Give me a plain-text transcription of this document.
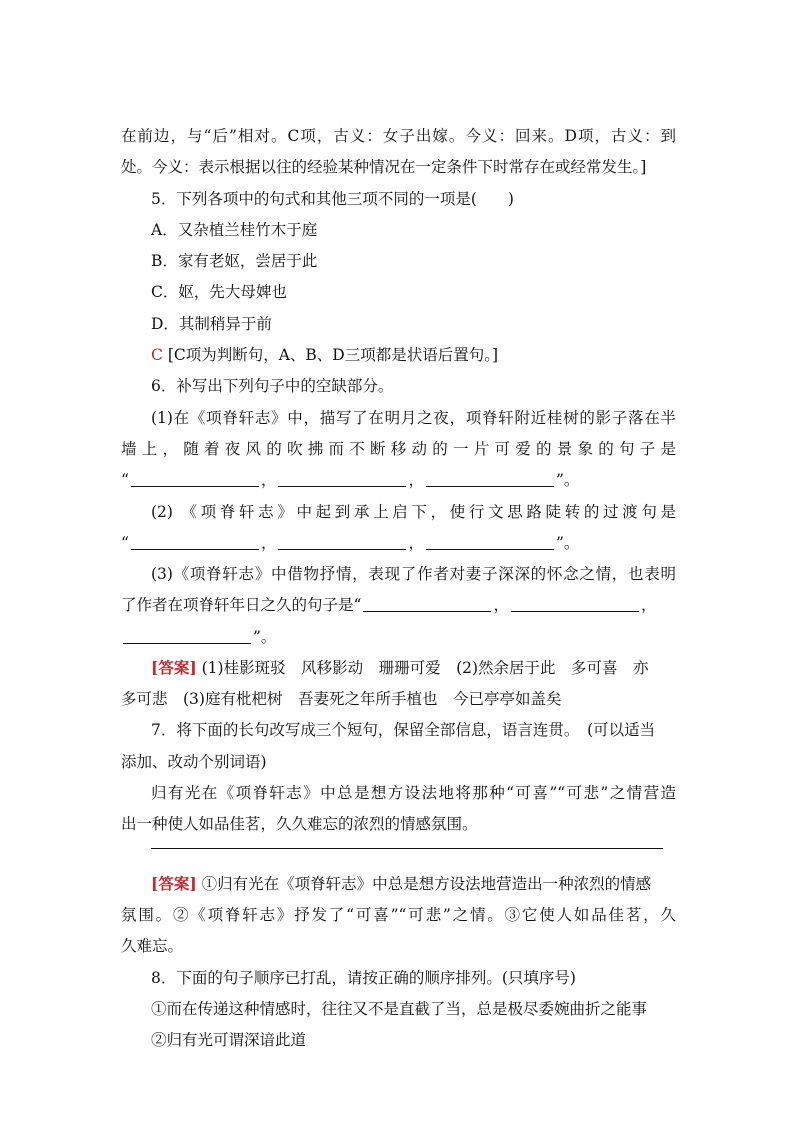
在前边，与“后”相对。C项，古义：女子出嫁。今义：回来。D项，古义：到
处。今义：表示根据以往的经验某种情况在一定条件下时常存在或经常发生。]
5．下列各项中的句式和其他三项不同的一项是(　　)
A．又杂植兰桂竹木于庭
B．家有老妪，尝居于此
C．妪，先大母婢也
D．其制稍异于前
C [C项为判断句，A、B、D三项都是状语后置句。]
6．补写出下列句子中的空缺部分。
(1)在《项脊轩志》中，描写了在明月之夜，项脊轩附近桂树的影子落在半
墙上，随着夜风的吹拂而不断移动的一片可爱的景象的句子是
“	，	，	”。
(2) 《项脊轩志》中起到承上启下，使行文思路陡转的过渡句是
“	，	，	”。
(3)《项脊轩志》中借物抒情，表现了作者对妻子深深的怀念之情，也表明
了作者在项脊轩年日之久的句子是“	，	，
”。
[答案] (1)桂影斑驳　风移影动　珊珊可爱　(2)然余居于此　多可喜　亦
多可悲　(3)庭有枇杷树　吾妻死之年所手植也　今已亭亭如盖矣
7．将下面的长句改写成三个短句，保留全部信息，语言连贯。　(可以适当
添加、改动个别词语)
归有光在《项脊轩志》中总是想方设法地将那种“可喜”“可悲”之情营造
出一种使人如品佳茗，久久难忘的浓烈的情感氛围。
[答案] ①归有光在《项脊轩志》中总是想方设法地营造出一种浓烈的情感
氛围。②《项脊轩志》抒发了“可喜”“可悲”之情。③它使人如品佳茗，久
久难忘。
8．下面的句子顺序已打乱，请按正确的顺序排列。(只填序号)
①而在传递这种情感时，往往又不是直截了当，总是极尽委婉曲折之能事
②归有光可谓深谙此道
